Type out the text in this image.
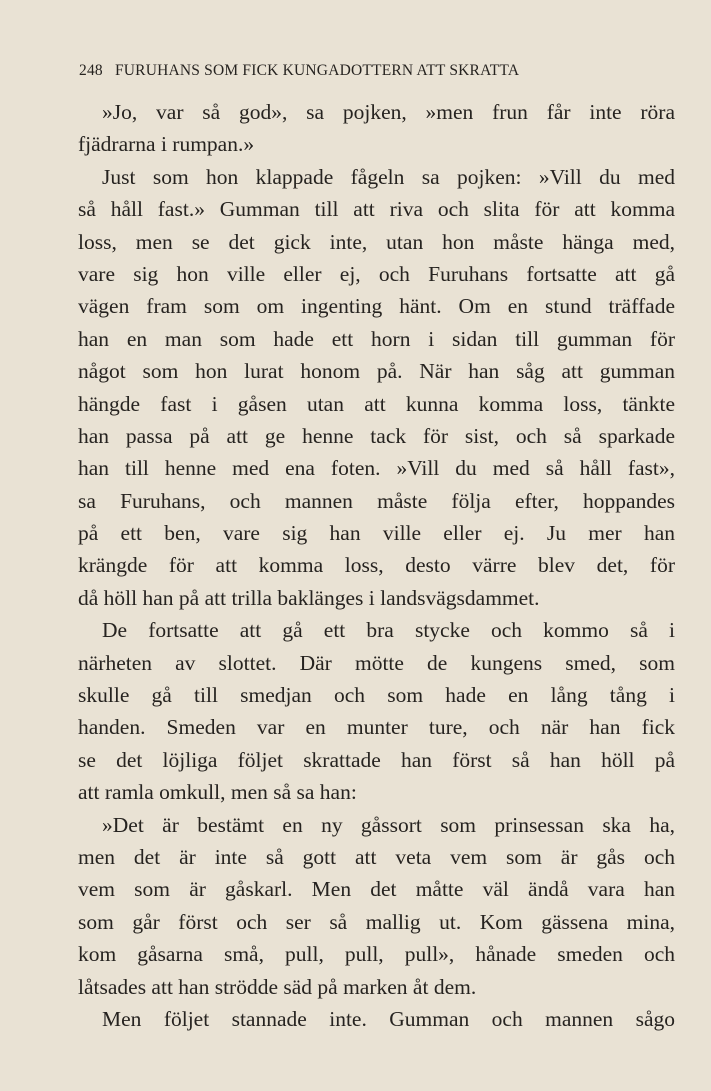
248 FURUHANS SOM FICK KUNGADOTTERN ATT SKRATTA
»Jo, var så god», sa pojken, »men frun får inte röra
fjädrarna i rumpan.»
Just som hon klappade fågeln sa pojken: »Vill du med
så håll fast.» Gumman till att riva och slita för att komma
loss, men se det gick inte, utan hon måste hänga med,
vare sig hon ville eller ej, och Furuhans fortsatte att gå
vägen fram som om ingenting hänt. Om en stund träffade
han en man som hade ett horn i sidan till gumman för
något som hon lurat honom på. När han såg att gumman
hängde fast i gåsen utan att kunna komma loss, tänkte
han passa på att ge henne tack för sist, och så sparkade
han till henne med ena foten. »Vill du med så håll fast»,
sa Furuhans, och mannen måste följa efter, hoppandes
på ett ben, vare sig han ville eller ej. Ju mer han
krängde för att komma loss, desto värre blev det, för
då höll han på att trilla baklänges i landsvägsdammet.
De fortsatte att gå ett bra stycke och kommo så i
närheten av slottet. Där mötte de kungens smed, som
skulle gå till smedjan och som hade en lång tång i
handen. Smeden var en munter ture, och när han fick
se det löjliga följet skrattade han först så han höll på
att ramla omkull, men så sa han:
»Det är bestämt en ny gåssort som prinsessan ska ha,
men det är inte så gott att veta vem som är gås och
vem som är gåskarl. Men det måtte väl ändå vara han
som går först och ser så mallig ut. Kom gässena mina,
kom gåsarna små, pull, pull, pull», hånade smeden och
låtsades att han strödde säd på marken åt dem.
Men följet stannade inte. Gumman och mannen sågo
